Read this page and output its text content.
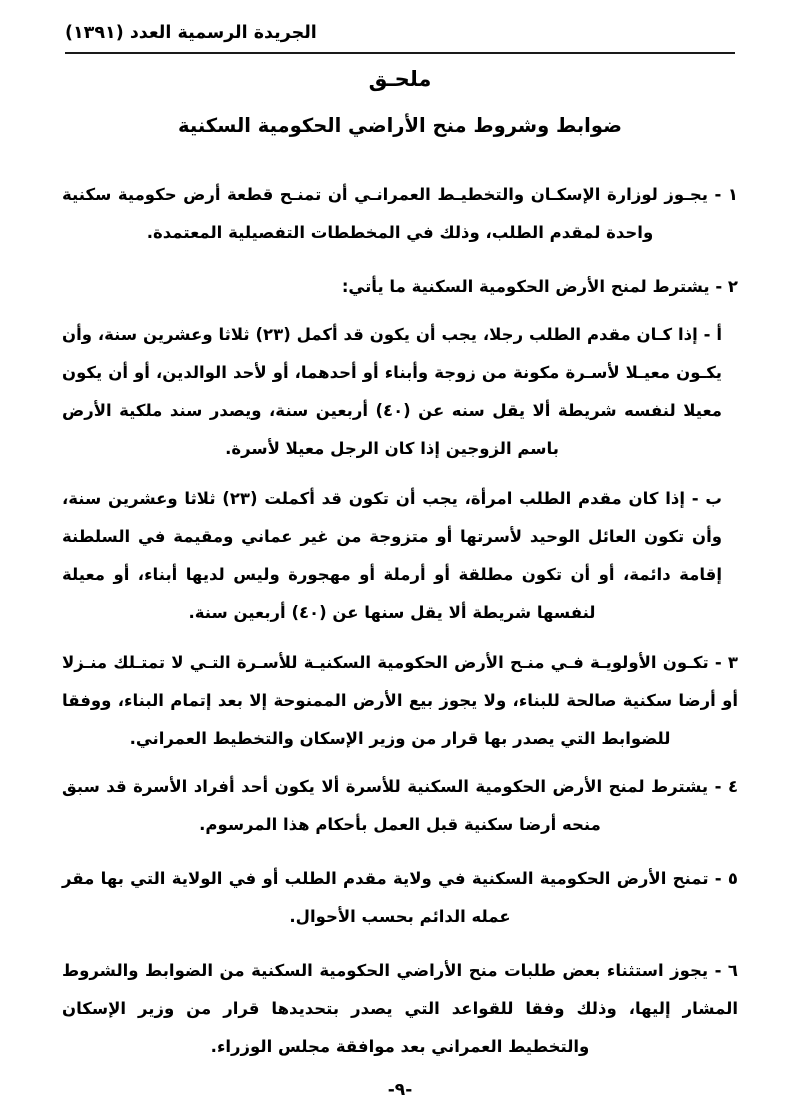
الجريدة الرسمية العدد (١٣٩١)
ملحـق
ضوابط وشروط منح الأراضي الحكومية السكنية

١ - يجـوز لوزارة الإسكـان والتخطيـط العمرانـي أن تمنـح قطعة أرض حكومية سكنية واحدة لمقدم الطلب، وذلك في المخططات التفصيلية المعتمدة.

٢ - يشترط لمنح الأرض الحكومية السكنية ما يأتي:

أ - إذا كـان مقدم الطلب رجلا، يجب أن يكون قد أكمل (٢٣) ثلاثا وعشرين سنة، وأن يكـون معيـلا لأسـرة مكونة من زوجة وأبناء أو أحدهما، أو لأحد الوالدين، أو أن يكون معيلا لنفسه شريطة ألا يقل سنه عن (٤٠) أربعين سنة، ويصدر سند ملكية الأرض باسم الزوجين إذا كان الرجل معيلا لأسرة.

ب - إذا كان مقدم الطلب امرأة، يجب أن تكون قد أكملت (٢٣) ثلاثا وعشرين سنة، وأن تكون العائل الوحيد لأسرتها أو متزوجة من غير عماني ومقيمة في السلطنة إقامة دائمة، أو أن تكون مطلقة أو أرملة أو مهجورة وليس لديها أبناء، أو معيلة لنفسها شريطة ألا يقل سنها عن (٤٠) أربعين سنة.

٣ - تكـون الأولويـة فـي منـح الأرض الحكومية السكنيـة للأسـرة التـي لا تمتـلك منـزلا أو أرضا سكنية صالحة للبناء، ولا يجوز بيع الأرض الممنوحة إلا بعد إتمام البناء، ووفقا للضوابط التي يصدر بها قرار من وزير الإسكان والتخطيط العمراني.

٤ - يشترط لمنح الأرض الحكومية السكنية للأسرة ألا يكون أحد أفراد الأسرة قد سبق منحه أرضا سكنية قبل العمل بأحكام هذا المرسوم.

٥ - تمنح الأرض الحكومية السكنية في ولاية مقدم الطلب أو في الولاية التي بها مقر عمله الدائم بحسب الأحوال.

٦ - يجوز استثناء بعض طلبات منح الأراضي الحكومية السكنية من الضوابط والشروط المشار إليها، وذلك وفقا للقواعد التي يصدر بتحديدها قرار من وزير الإسكان والتخطيط العمراني بعد موافقة مجلس الوزراء.

-٩-
